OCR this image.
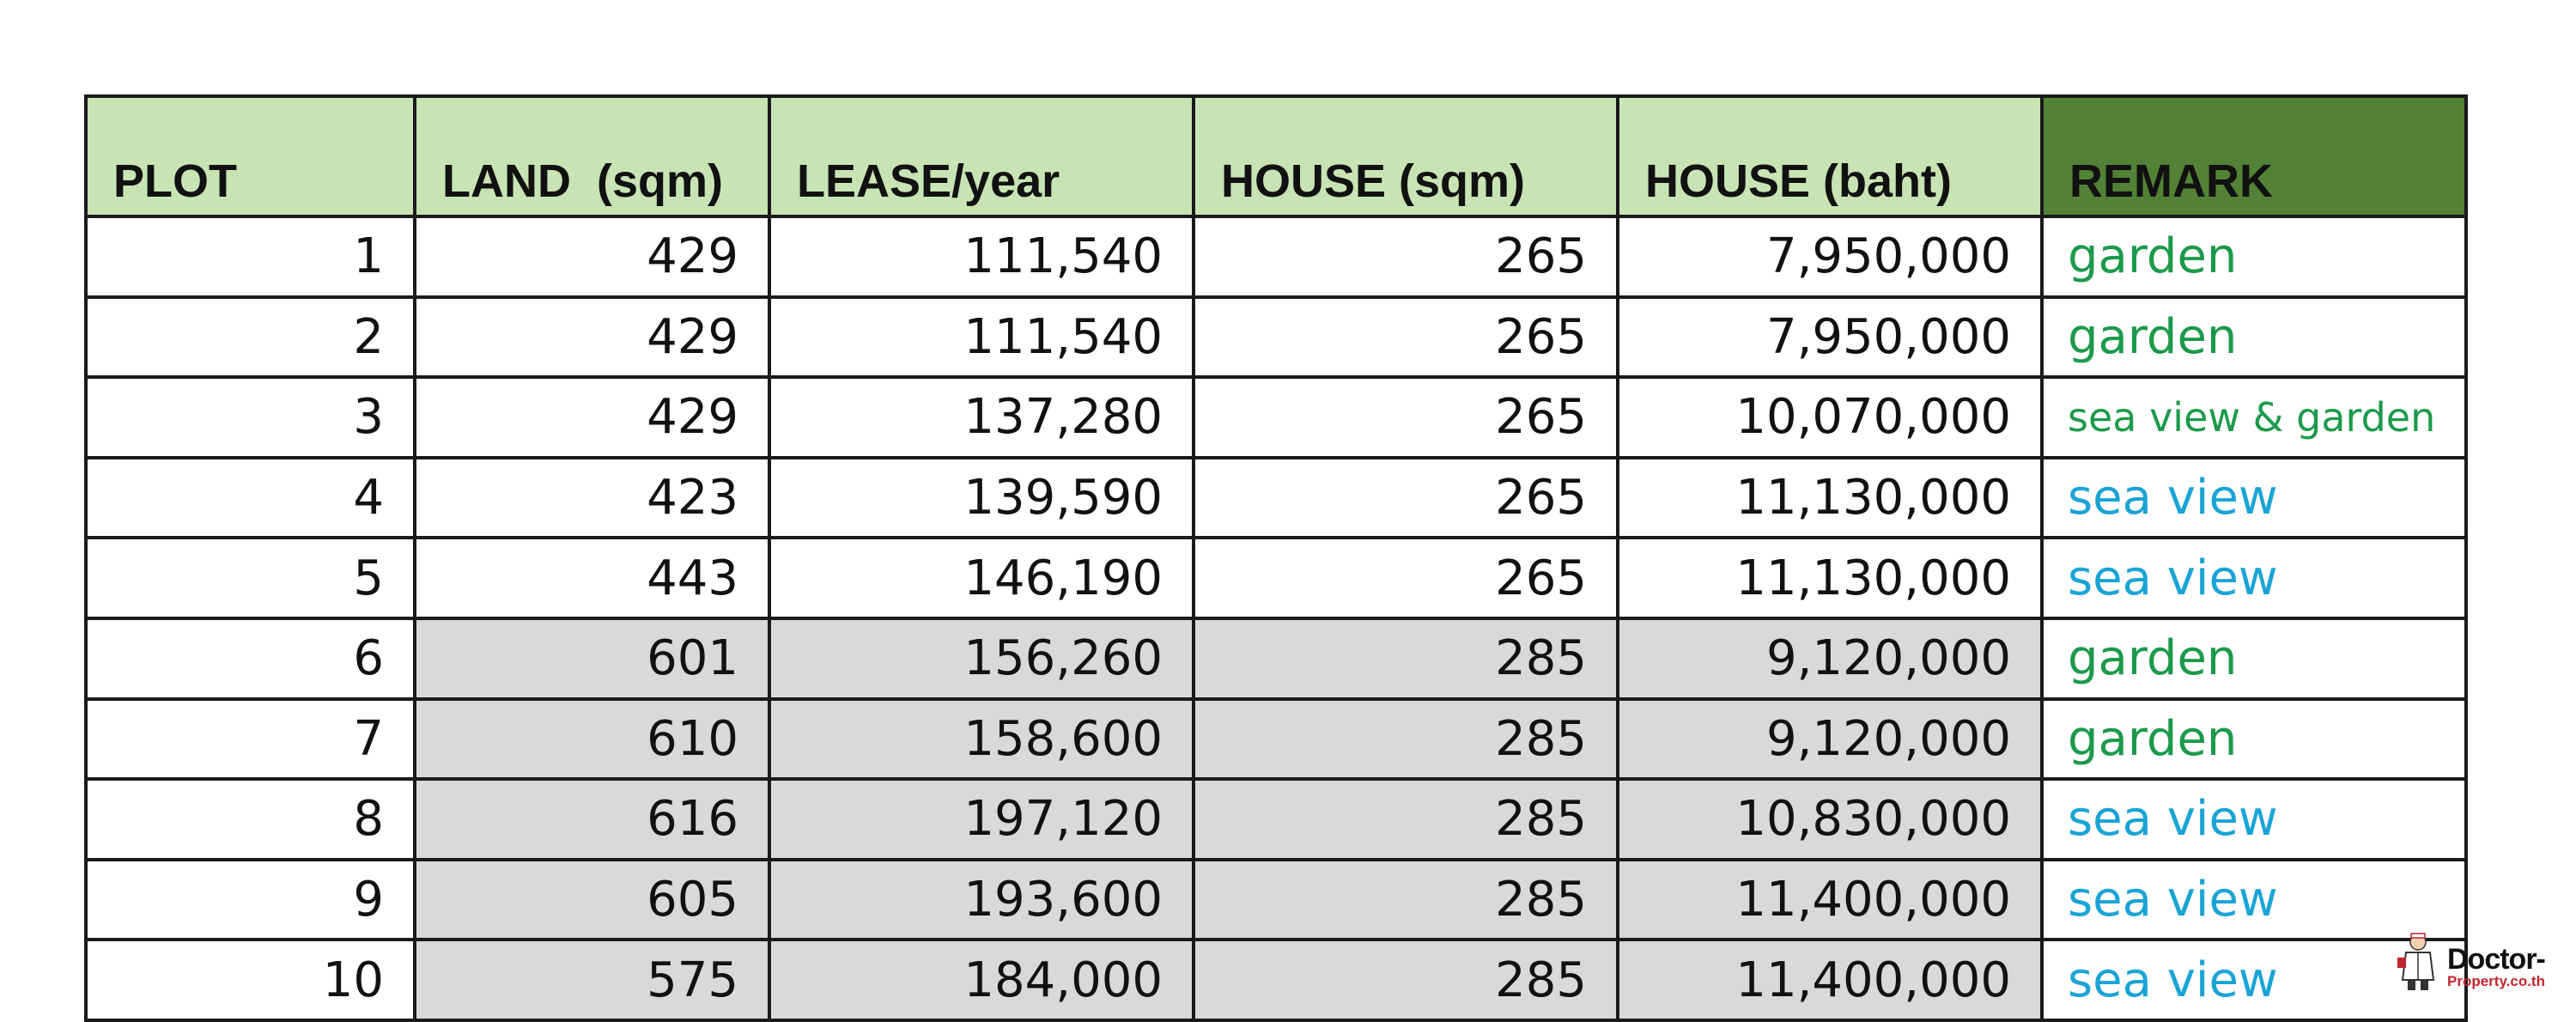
PLOT	LAND  (sqm)	LEASE/year	HOUSE (sqm)	HOUSE (baht)	REMARK
1	429	111,540	265	7,950,000	garden
2	429	111,540	265	7,950,000	garden
3	429	137,280	265	10,070,000	sea view & garden
4	423	139,590	265	11,130,000	sea view
5	443	146,190	265	11,130,000	sea view
6	601	156,260	285	9,120,000	garden
7	610	158,600	285	9,120,000	garden
8	616	197,120	285	10,830,000	sea view
9	605	193,600	285	11,400,000	sea view
10	575	184,000	285	11,400,000	sea view	Doctor-
Property.co.th
